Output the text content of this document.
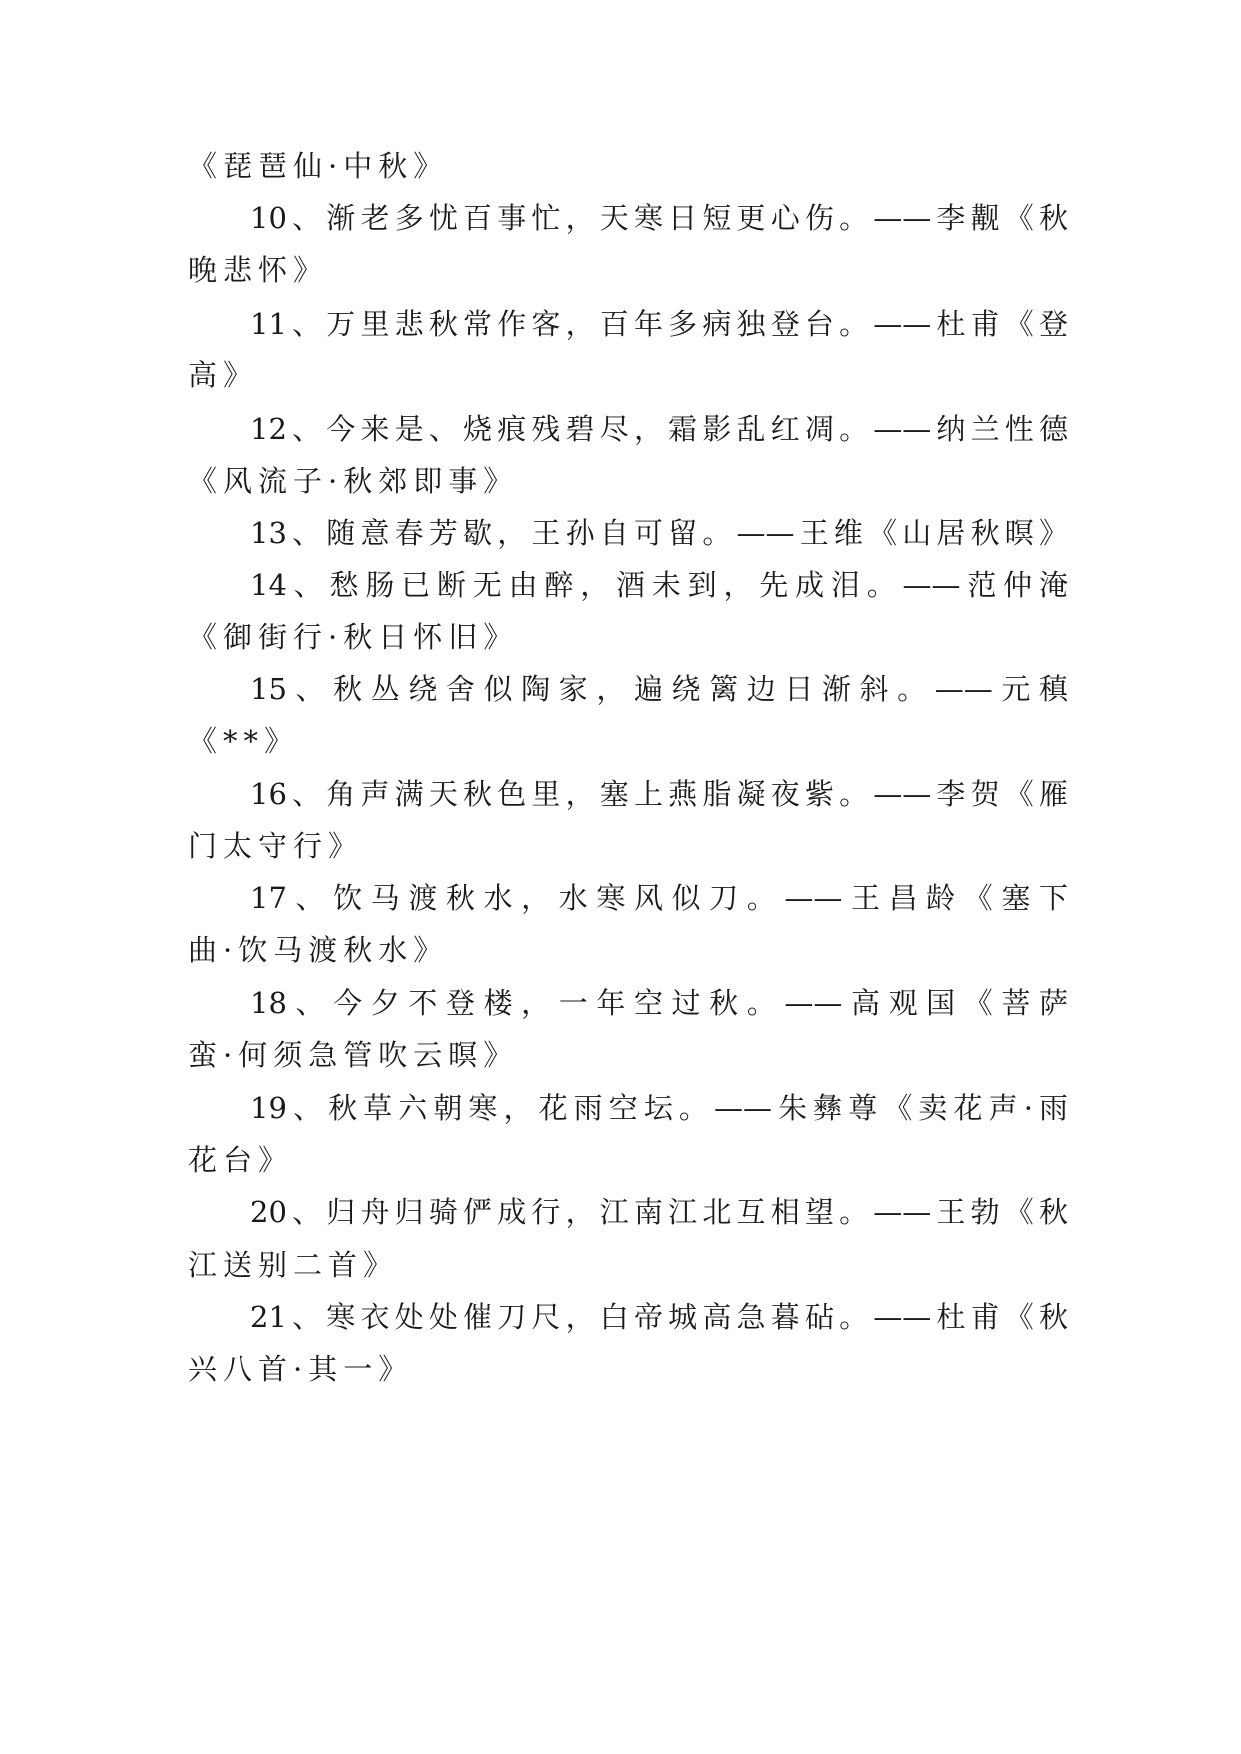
《琵琶仙·中秋》
10、渐老多忧百事忙，天寒日短更心伤。——李觏《秋
晚悲怀》
11、万里悲秋常作客，百年多病独登台。——杜甫《登
高》
12、今来是、烧痕残碧尽，霜影乱红凋。——纳兰性德
《风流子·秋郊即事》
13、随意春芳歇，王孙自可留。——王维《山居秋暝》
14、愁肠已断无由醉，酒未到，先成泪。——范仲淹
《御街行·秋日怀旧》
15、秋丛绕舍似陶家，遍绕篱边日渐斜。——元稹
《**》
16、角声满天秋色里，塞上燕脂凝夜紫。——李贺《雁
门太守行》
17、饮马渡秋水，水寒风似刀。——王昌龄《塞下
曲·饮马渡秋水》
18、今夕不登楼，一年空过秋。——高观国《菩萨
蛮·何须急管吹云暝》
19、秋草六朝寒，花雨空坛。——朱彝尊《卖花声·雨
花台》
20、归舟归骑俨成行，江南江北互相望。——王勃《秋
江送别二首》
21、寒衣处处催刀尺，白帝城高急暮砧。——杜甫《秋
兴八首·其一》
